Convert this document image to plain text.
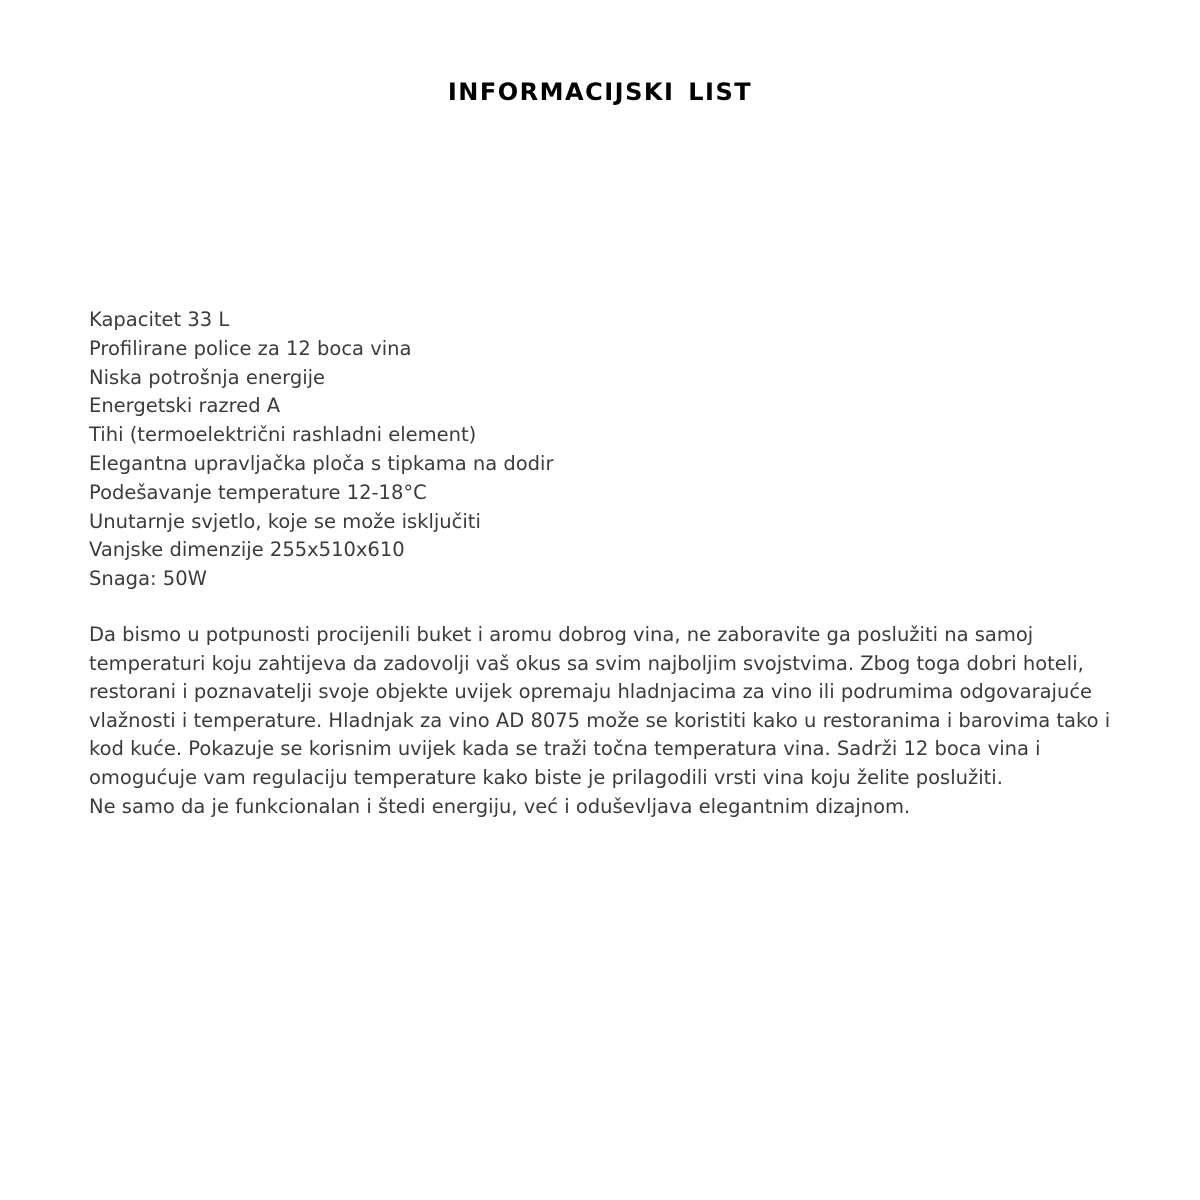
INFORMACIJSKI LIST
Kapacitet 33 L
Profilirane police za 12 boca vina
Niska potrošnja energije
Energetski razred A
Tihi (termoelektrični rashladni element)
Elegantna upravljačka ploča s tipkama na dodir
Podešavanje temperature 12-18°C
Unutarnje svjetlo, koje se može isključiti
Vanjske dimenzije 255x510x610
Snaga: 50W

Da bismo u potpunosti procijenili buket i aromu dobrog vina, ne zaboravite ga poslužiti na samoj
temperaturi koju zahtijeva da zadovolji vaš okus sa svim najboljim svojstvima. Zbog toga dobri hoteli,
restorani i poznavatelji svoje objekte uvijek opremaju hladnjacima za vino ili podrumima odgovarajuće
vlažnosti i temperature. Hladnjak za vino AD 8075 može se koristiti kako u restoranima i barovima tako i
kod kuće. Pokazuje se korisnim uvijek kada se traži točna temperatura vina. Sadrži 12 boca vina i
omogućuje vam regulaciju temperature kako biste je prilagodili vrsti vina koju želite poslužiti.
Ne samo da je funkcionalan i štedi energiju, već i oduševljava elegantnim dizajnom.
